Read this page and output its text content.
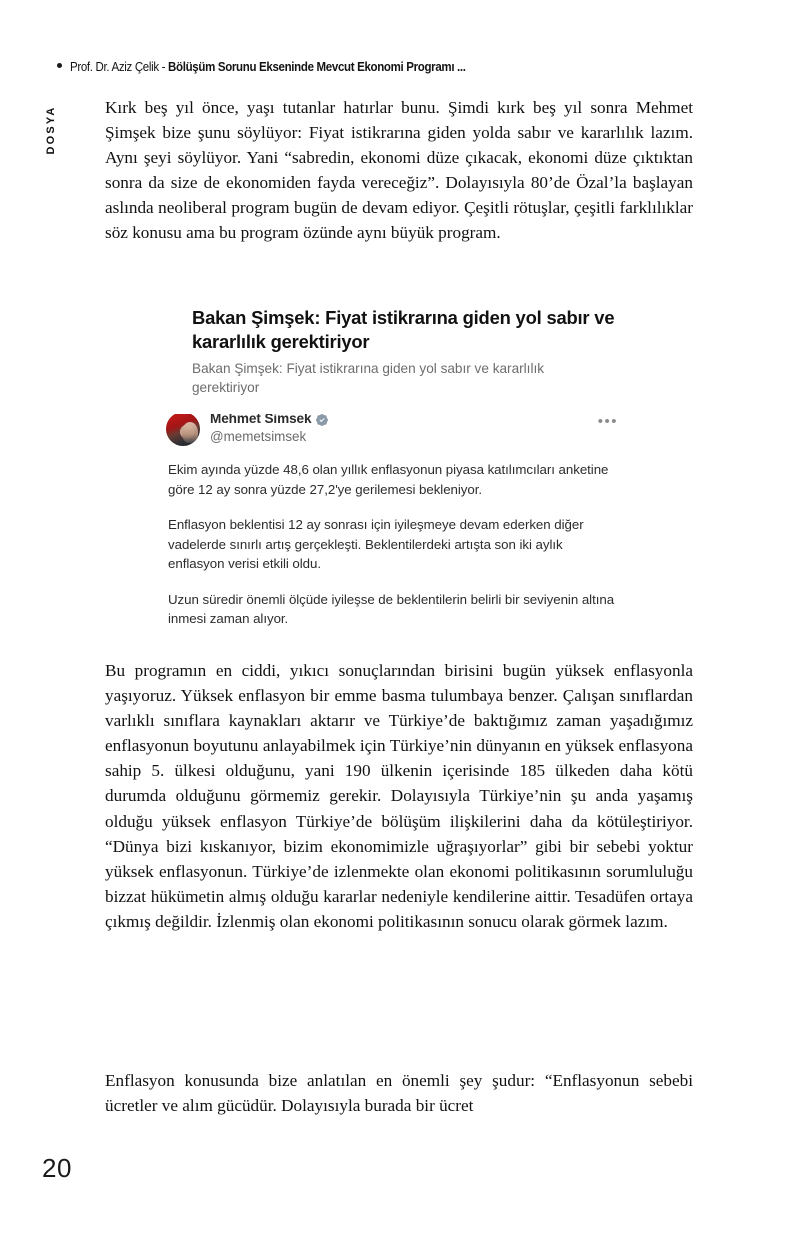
Prof. Dr. Aziz Çelik - Bölüşüm Sorunu Ekseninde Mevcut Ekonomi Programı ...
DOSYA	Kırk beş yıl önce, yaşı tutanlar hatırlar bunu. Şimdi kırk beş yıl sonra Mehmet Şimşek bize şunu söylüyor: Fiyat istikrarına giden yolda sabır ve kararlılık lazım. Aynı şeyi söylüyor. Yani “sabredin, ekonomi düze çıkacak, ekonomi düze çıktıktan sonra da size de ekonomiden fayda vereceğiz”. Dolayısıyla 80’de Özal’la başlayan aslında neoliberal program bugün de devam ediyor. Çeşitli rötuşlar, çeşitli farklılıklar söz konusu ama bu program özünde aynı büyük program.

Bakan Şimşek: Fiyat istikrarına giden yol sabır ve kararlılık gerektiriyor

Bakan Şimşek: Fiyat istikrarına giden yol sabır ve kararlılık gerektiriyor

Mehmet Simsek
@memetsimsek
•••

Ekim ayında yüzde 48,6 olan yıllık enflasyonun piyasa katılımcıları anketine göre 12 ay sonra yüzde 27,2'ye gerilemesi bekleniyor.

Enflasyon beklentisi 12 ay sonrası için iyileşmeye devam ederken diğer vadelerde sınırlı artış gerçekleşti. Beklentilerdeki artışta son iki aylık enflasyon verisi etkili oldu.

Uzun süredir önemli ölçüde iyileşse de beklentilerin belirli bir seviyenin altına inmesi zaman alıyor.

Bu programın en ciddi, yıkıcı sonuçlarından birisini bugün yüksek enflasyonla yaşıyoruz. Yüksek enflasyon bir emme basma tulumbaya benzer. Çalışan sınıflardan varlıklı sınıflara kaynakları aktarır ve Türkiye’de baktığımız zaman yaşadığımız enflasyonun boyutunu anlayabilmek için Türkiye’nin dünyanın en yüksek enflasyona sahip 5. ülkesi olduğunu, yani 190 ülkenin içerisinde 185 ülkeden daha kötü durumda olduğunu görmemiz gerekir. Dolayısıyla Türkiye’nin şu anda yaşamış olduğu yüksek enflasyon Türkiye’de bölüşüm ilişkilerini daha da kötüleştiriyor. “Dünya bizi kıskanıyor, bizim ekonomimizle uğraşıyorlar” gibi bir sebebi yoktur yüksek enflasyonun. Türkiye’de izlenmekte olan ekonomi politikasının sorumluluğu bizzat hükümetin almış olduğu kararlar nedeniyle kendilerine aittir. Tesadüfen ortaya çıkmış değildir. İzlenmiş olan ekonomi politikasının sonucu olarak görmek lazım.

Enflasyon konusunda bize anlatılan en önemli şey şudur: “Enflasyonun sebebi ücretler ve alım gücüdür. Dolayısıyla burada bir ücret

20
